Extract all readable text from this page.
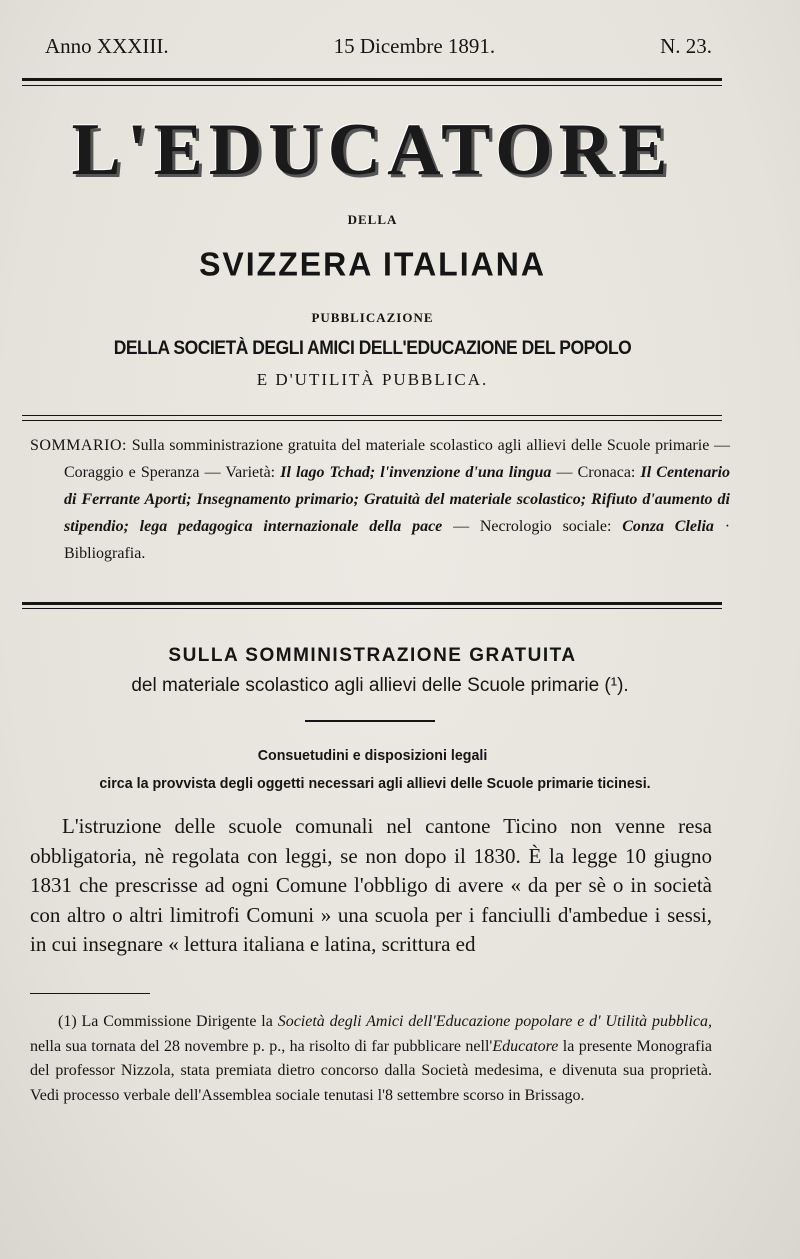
Anno XXXIII.	15 Dicembre 1891.	N. 23.
L'EDUCATORE
DELLA
SVIZZERA ITALIANA
PUBBLICAZIONE
DELLA SOCIETÀ DEGLI AMICI DELL'EDUCAZIONE DEL POPOLO
E D'UTILITÀ PUBBLICA.
SOMMARIO: Sulla somministrazione gratuita del materiale scolastico agli allievi delle Scuole primarie — Coraggio e Speranza — Varietà: Il lago Tchad; l'invenzione d'una lingua — Cronaca: Il Centenario di Ferrante Aporti; Insegnamento primario; Gratuità del materiale scolastico; Rifiuto d'aumento di stipendio; lega pedagogica internazionale della pace — Necrologio sociale: Conza Clelia · Bibliografia.
SULLA SOMMINISTRAZIONE GRATUITA
del materiale scolastico agli allievi delle Scuole primarie (¹).
Consuetudini e disposizioni legali
circa la provvista degli oggetti necessari agli allievi delle Scuole primarie ticinesi.
L'istruzione delle scuole comunali nel cantone Ticino non venne resa obbligatoria, nè regolata con leggi, se non dopo il 1830. È la legge 10 giugno 1831 che prescrisse ad ogni Comune l'obbligo di avere « da per sè o in società con altro o altri limitrofi Comuni » una scuola per i fanciulli d'ambedue i sessi, in cui insegnare « lettura italiana e latina, scrittura ed
(1) La Commissione Dirigente la Società degli Amici dell'Educazione popolare e d' Utilità pubblica, nella sua tornata del 28 novembre p. p., ha risolto di far pubblicare nell'Educatore la presente Monografia del professor Nizzola, stata premiata dietro concorso dalla Società medesima, e divenuta sua proprietà. Vedi processo verbale dell'Assemblea sociale tenutasi l'8 settembre scorso in Brissago.
